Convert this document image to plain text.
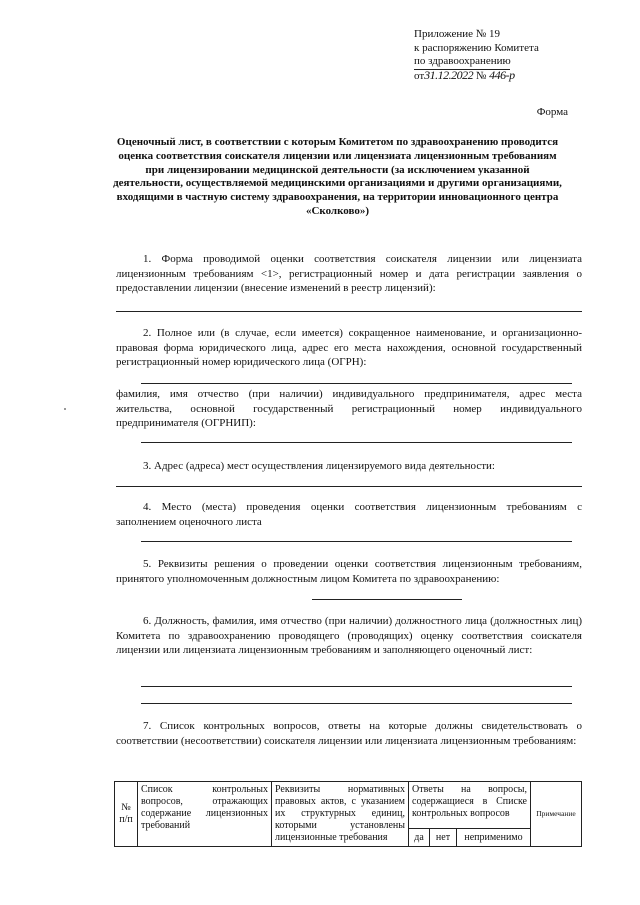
Приложение № 19
к распоряжению Комитета
по здравоохранению
от31.12.2022 № 446-р
Форма
Оценочный лист, в соответствии с которым Комитетом по здравоохранению проводится оценка соответствия соискателя лицензии или лицензиата лицензионным требованиям при лицензировании медицинской деятельности (за исключением указанной деятельности, осуществляемой медицинскими организациями и другими организациями, входящими в частную систему здравоохранения, на территории инновационного центра «Сколково»)

1. Форма проводимой оценки соответствия соискателя лицензии или лицензиата лицензионным требованиям <1>, регистрационный номер и дата регистрации заявления о предоставлении лицензии (внесение изменений в реестр лицензий):

2. Полное или (в случае, если имеется) сокращенное наименование, и организационно-правовая форма юридического лица, адрес его места нахождения, основной государственный регистрационный номер юридического лица (ОГРН):

фамилия, имя отчество (при наличии) индивидуального предпринимателя, адрес места жительства, основной государственный регистрационный номер индивидуального предпринимателя (ОГРНИП):

3. Адрес (адреса) мест осуществления лицензируемого вида деятельности:

4. Место (места) проведения оценки соответствия лицензионным требованиям с заполнением оценочного листа

5. Реквизиты решения о проведении оценки соответствия лицензионным требованиям, принятого уполномоченным должностным лицом Комитета по здравоохранению:

6. Должность, фамилия, имя отчество (при наличии) должностного лица (должностных лиц) Комитета по здравоохранению проводящего (проводящих) оценку соответствия соискателя лицензии или лицензиата лицензионным требованиям и заполняющего оценочный лист:

7. Список контрольных вопросов, ответы на которые должны свидетельствовать о соответствии (несоответствии) соискателя лицензии или лицензиата лицензионным требованиям:

№ п/п	Список контрольных вопросов, отражающих содержание лицензионных требований	Реквизиты нормативных правовых актов, с указанием их структурных единиц, которыми установлены лицензионные требования	Ответы на вопросы, содержащиеся в Списке контрольных вопросов			Примечание
			да	нет	неприменимо	
